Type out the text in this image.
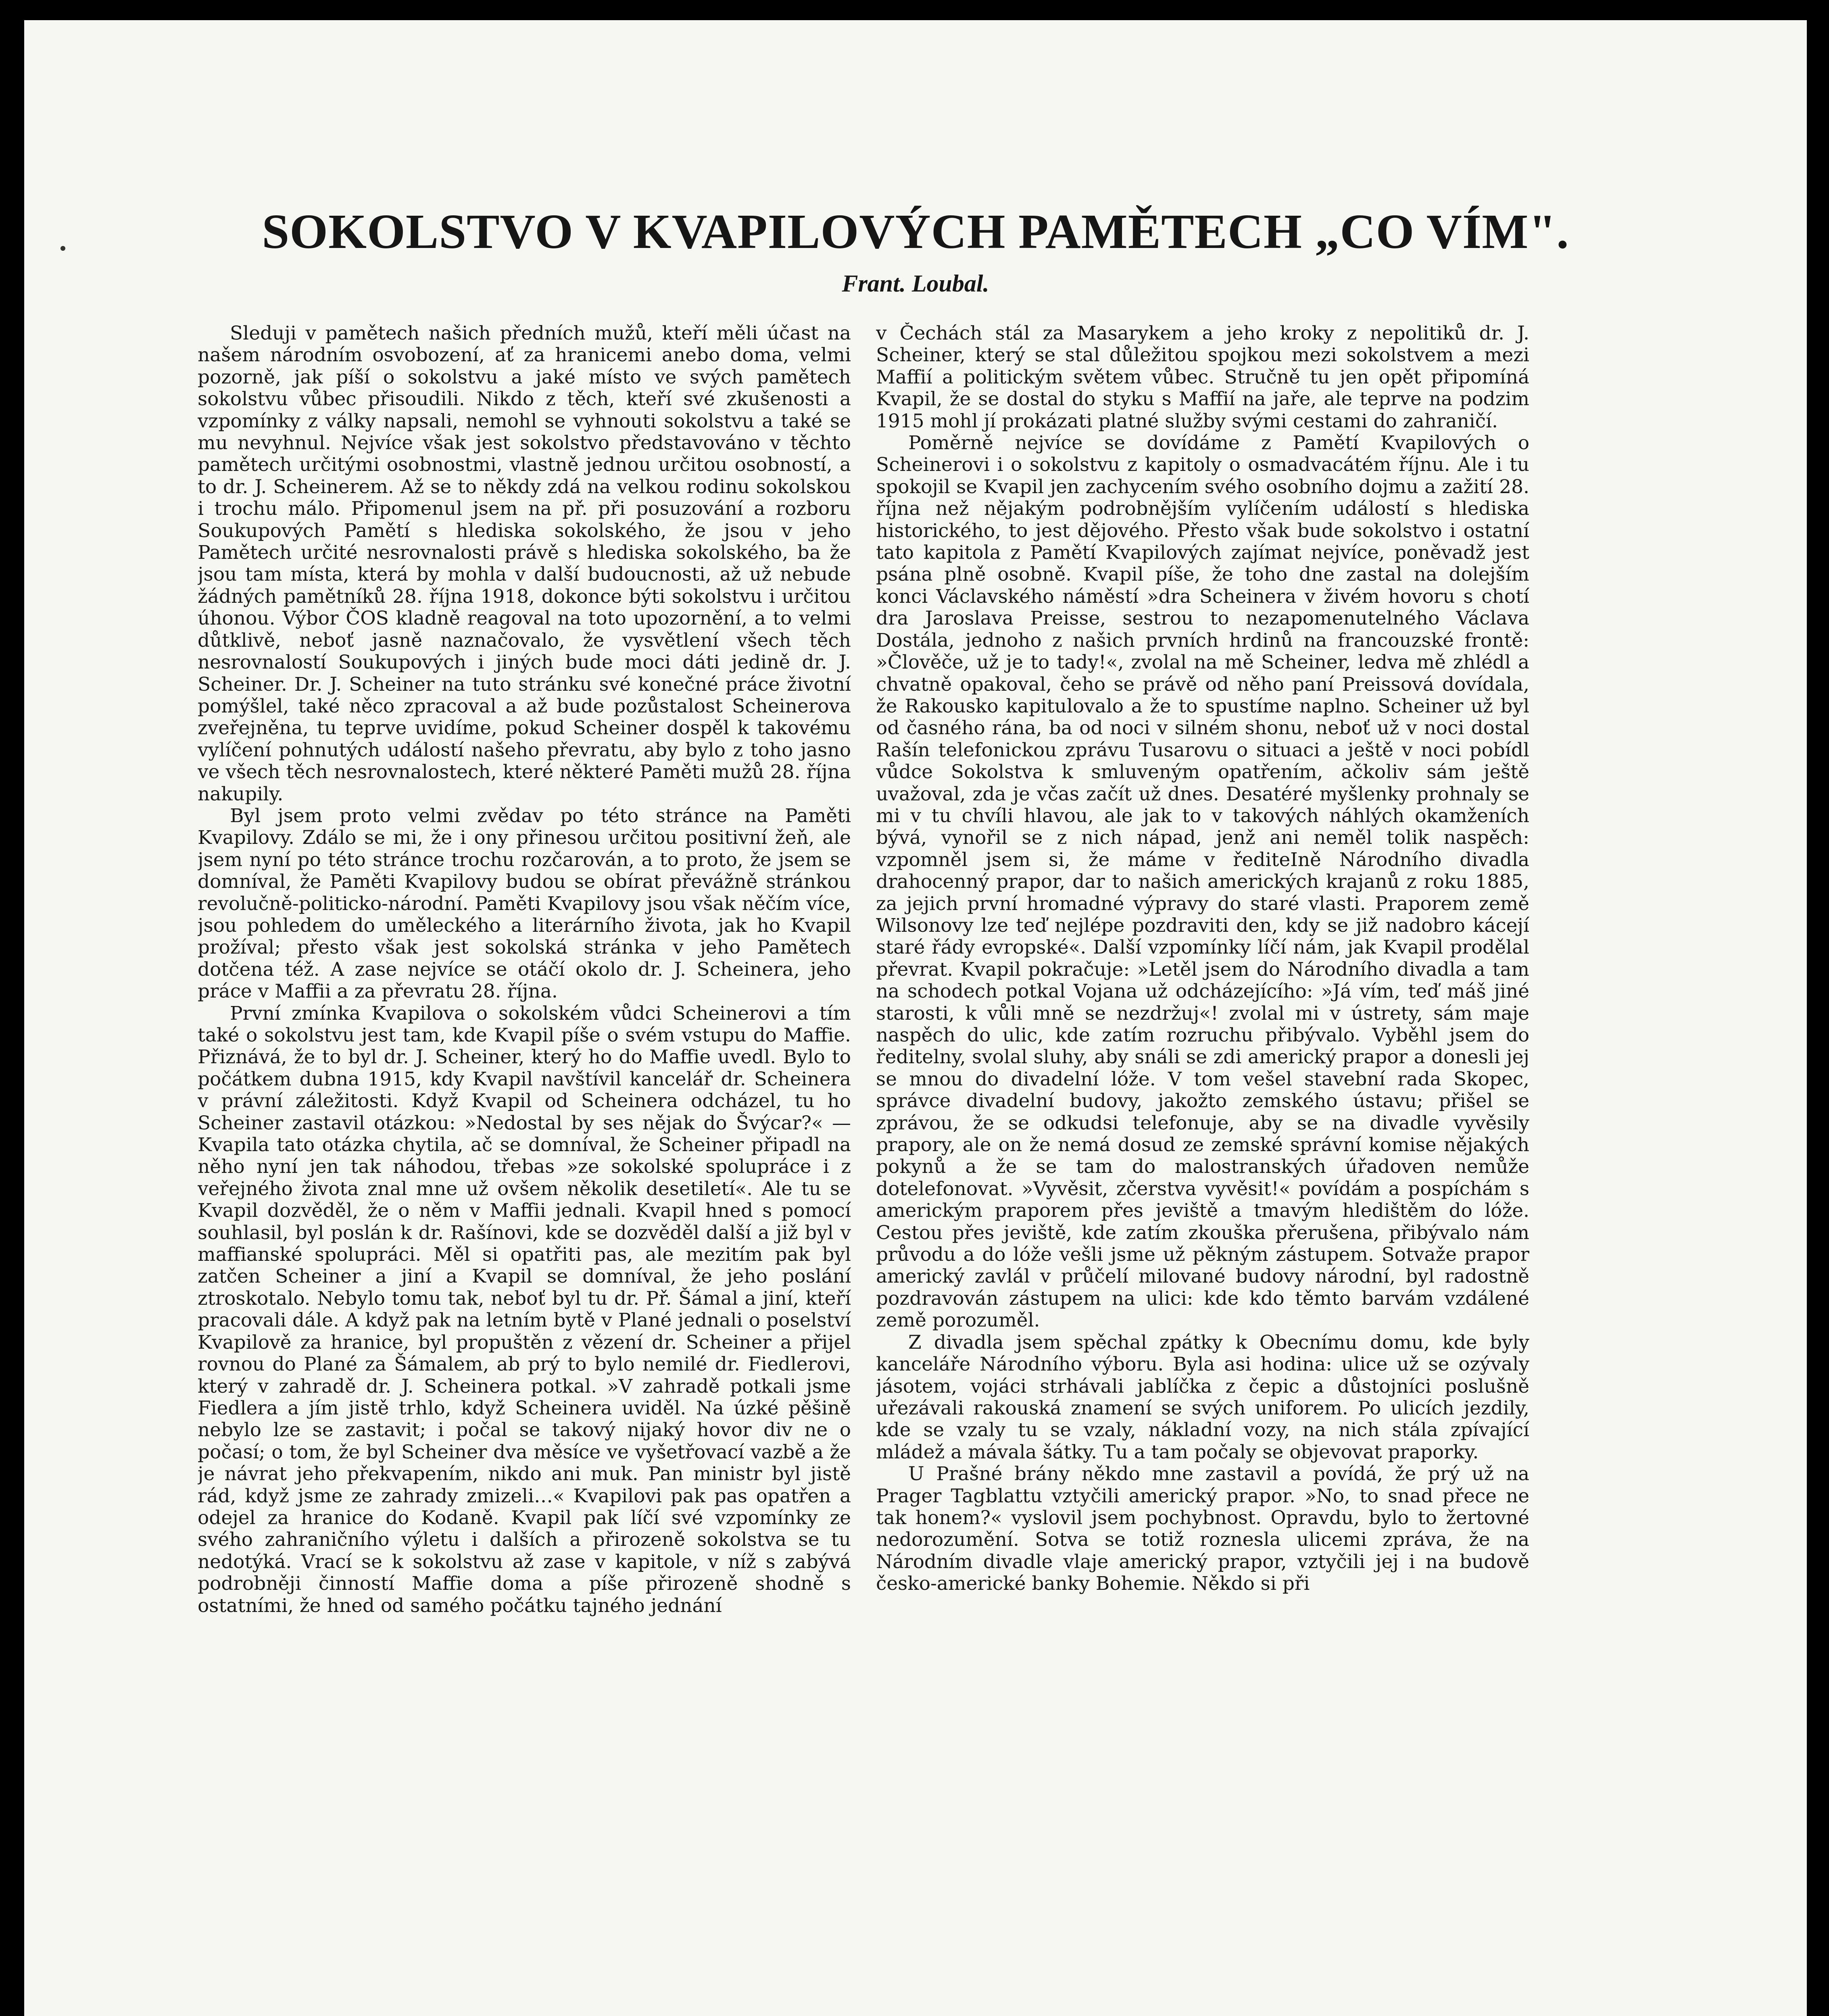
SOKOLSTVO V KVAPILOVÝCH PAMĚTECH „CO VÍM".

Frant. Loubal.

Sleduji v pamětech našich předních mužů, kteří měli účast na našem národním osvobození, ať za hranicemi anebo doma, velmi pozorně, jak píší o sokolstvu a jaké místo ve svých pamětech sokolstvu vůbec přisoudili. Nikdo z těch, kteří své zkušenosti a vzpomínky z války napsali, nemohl se vyhnouti sokolstvu a také se mu nevyhnul. Nejvíce však jest sokolstvo představováno v těchto pamětech určitými osobnostmi, vlastně jednou určitou osobností, a to dr. J. Scheinerem. Až se to někdy zdá na velkou rodinu sokolskou i trochu málo. Připomenul jsem na př. při posuzování a rozboru Soukupových Pamětí s hlediska sokolského, že jsou v jeho Pamětech určité nesrovnalosti právě s hlediska sokolského, ba že jsou tam místa, která by mohla v další budoucnosti, až už nebude žádných pamětníků 28. října 1918, dokonce býti sokolstvu i určitou úhonou. Výbor ČOS kladně reagoval na toto upozornění, a to velmi důtklivě, neboť jasně naznačovalo, že vysvětlení všech těch nesrovnalostí Soukupových i jiných bude moci dáti jedině dr. J. Scheiner. Dr. J. Scheiner na tuto stránku své konečné práce životní pomýšlel, také něco zpracoval a až bude pozůstalost Scheinerova zveřejněna, tu teprve uvidíme, pokud Scheiner dospěl k takovému vylíčení pohnutých událostí našeho převratu, aby bylo z toho jasno ve všech těch nesrovnalostech, které některé Paměti mužů 28. října nakupily.

Byl jsem proto velmi zvědav po této stránce na Paměti Kvapilovy. Zdálo se mi, že i ony přinesou určitou positivní žeň, ale jsem nyní po této stránce trochu rozčarován, a to proto, že jsem se domníval, že Paměti Kvapilovy budou se obírat převážně stránkou revolučně-politicko-národní. Paměti Kvapilovy jsou však něčím více, jsou pohledem do uměleckého a literárního života, jak ho Kvapil prožíval; přesto však jest sokolská stránka v jeho Pamětech dotčena též. A zase nejvíce se otáčí okolo dr. J. Scheinera, jeho práce v Maffii a za převratu 28. října.

První zmínka Kvapilova o sokolském vůdci Scheinerovi a tím také o sokolstvu jest tam, kde Kvapil píše o svém vstupu do Maffie. Přiznává, že to byl dr. J. Scheiner, který ho do Maffie uvedl. Bylo to počátkem dubna 1915, kdy Kvapil navštívil kancelář dr. Scheinera v právní záležitosti. Když Kvapil od Scheinera odcházel, tu ho Scheiner zastavil otázkou: »Nedostal by ses nějak do Švýcar?« — Kvapila tato otázka chytila, ač se domníval, že Scheiner připadl na něho nyní jen tak náhodou, třebas »ze sokolské spolupráce i z veřejného života znal mne už ovšem několik desetiletí«. Ale tu se Kvapil dozvěděl, že o něm v Maffii jednali. Kvapil hned s pomocí souhlasil, byl poslán k dr. Rašínovi, kde se dozvěděl další a již byl v maffianské spolupráci. Měl si opatřiti pas, ale mezitím pak byl zatčen Scheiner a jiní a Kvapil se domníval, že jeho poslání ztroskotalo. Nebylo tomu tak, neboť byl tu dr. Př. Šámal a jiní, kteří pracovali dále. A když pak na letním bytě v Plané jednali o poselství Kvapilově za hranice, byl propuštěn z vězení dr. Scheiner a přijel rovnou do Plané za Šámalem, ab prý to bylo nemilé dr. Fiedlerovi, který v zahradě dr. J. Scheinera potkal. »V zahradě potkali jsme Fiedlera a jím jistě trhlo, když Scheinera uviděl. Na úzké pěšině nebylo lze se zastavit; i počal se takový nijaký hovor div ne o počasí; o tom, že byl Scheiner dva měsíce ve vyšetřovací vazbě a že je návrat jeho překvapením, nikdo ani muk. Pan ministr byl jistě rád, když jsme ze zahrady zmizeli…« Kvapilovi pak pas opatřen a odejel za hranice do Kodaně. Kvapil pak líčí své vzpomínky ze svého zahraničního výletu i dalších a přirozeně sokolstva se tu nedotýká. Vrací se k sokolstvu až zase v kapitole, v níž s zabývá podrobněji činností Maffie doma a píše přirozeně shodně s ostatními, že hned od samého počátku tajného jednání

v Čechách stál za Masarykem a jeho kroky z nepolitiků dr. J. Scheiner, který se stal důležitou spojkou mezi sokolstvem a mezi Maffií a politickým světem vůbec. Stručně tu jen opět připomíná Kvapil, že se dostal do styku s Maffií na jaře, ale teprve na podzim 1915 mohl jí prokázati platné služby svými cestami do zahraničí.

Poměrně nejvíce se dovídáme z Pamětí Kvapilových o Scheinerovi i o sokolstvu z kapitoly o osmadvacátém říjnu. Ale i tu spokojil se Kvapil jen zachycením svého osobního dojmu a zažití 28. října než nějakým podrobnějším vylíčením událostí s hlediska historického, to jest dějového. Přesto však bude sokolstvo i ostatní tato kapitola z Pamětí Kvapilových zajímat nejvíce, poněvadž jest psána plně osobně. Kvapil píše, že toho dne zastal na dolejším konci Václavského náměstí »dra Scheinera v živém hovoru s chotí dra Jaroslava Preisse, sestrou to nezapomenutelného Václava Dostála, jednoho z našich prvních hrdinů na francouzské frontě: »Člověče, už je to tady!«, zvolal na mě Scheiner, ledva mě zhlédl a chvatně opakoval, čeho se právě od něho paní Preissová dovídala, že Rakousko kapitulovalo a že to spustíme naplno. Scheiner už byl od časného rána, ba od noci v silném shonu, neboť už v noci dostal Rašín telefonickou zprávu Tusarovu o situaci a ještě v noci pobídl vůdce Sokolstva k smluveným opatřením, ačkoliv sám ještě uvažoval, zda je včas začít už dnes. Desatéré myšlenky prohnaly se mi v tu chvíli hlavou, ale jak to v takových náhlých okamženích bývá, vynořil se z nich nápad, jenž ani neměl tolik naspěch: vzpomněl jsem si, že máme v řediteIně Národního divadla drahocenný prapor, dar to našich amerických krajanů z roku 1885, za jejich první hromadné výpravy do staré vlasti. Praporem země Wilsonovy lze teď nejlépe pozdraviti den, kdy se již nadobro kácejí staré řády evropské«. Další vzpomínky líčí nám, jak Kvapil prodělal převrat. Kvapil pokračuje: »Letěl jsem do Národního divadla a tam na schodech potkal Vojana už odcházejícího: »Já vím, teď máš jiné starosti, k vůli mně se nezdržuj«! zvolal mi v ústrety, sám maje naspěch do ulic, kde zatím rozruchu přibývalo. Vyběhl jsem do ředitelny, svolal sluhy, aby snáli se zdi americký prapor a donesli jej se mnou do divadelní lóže. V tom vešel stavební rada Skopec, správce divadelní budovy, jakožto zemského ústavu; přišel se zprávou, že se odkudsi telefonuje, aby se na divadle vyvěsily prapory, ale on že nemá dosud ze zemské správní komise nějakých pokynů a že se tam do malostranských úřadoven nemůže dotelefonovat. »Vyvěsit, zčerstva vyvěsit!« povídám a pospíchám s americkým praporem přes jeviště a tmavým hledištěm do lóže. Cestou přes jeviště, kde zatím zkouška přerušena, přibývalo nám průvodu a do lóže vešli jsme už pěkným zástupem. Sotvaže prapor americký zavlál v průčelí milované budovy národní, byl radostně pozdravován zástupem na ulici: kde kdo těmto barvám vzdálené země porozuměl.

Z divadla jsem spěchal zpátky k Obecnímu domu, kde byly kanceláře Národního výboru. Byla asi hodina: ulice už se ozývaly jásotem, vojáci strhávali jablíčka z čepic a důstojníci poslušně uřezávali rakouská znamení se svých uniforem. Po ulicích jezdily, kde se vzaly tu se vzaly, nákladní vozy, na nich stála zpívající mládež a mávala šátky. Tu a tam počaly se objevovat praporky.

U Prašné brány někdo mne zastavil a povídá, že prý už na Prager Tagblattu vztyčili americký prapor. »No, to snad přece ne tak honem?« vyslovil jsem pochybnost. Opravdu, bylo to žertovné nedorozumění. Sotva se totiž roznesla ulicemi zpráva, že na Národním divadle vlaje americký prapor, vztyčili jej i na budově česko-americké banky Bohemie. Někdo si při
